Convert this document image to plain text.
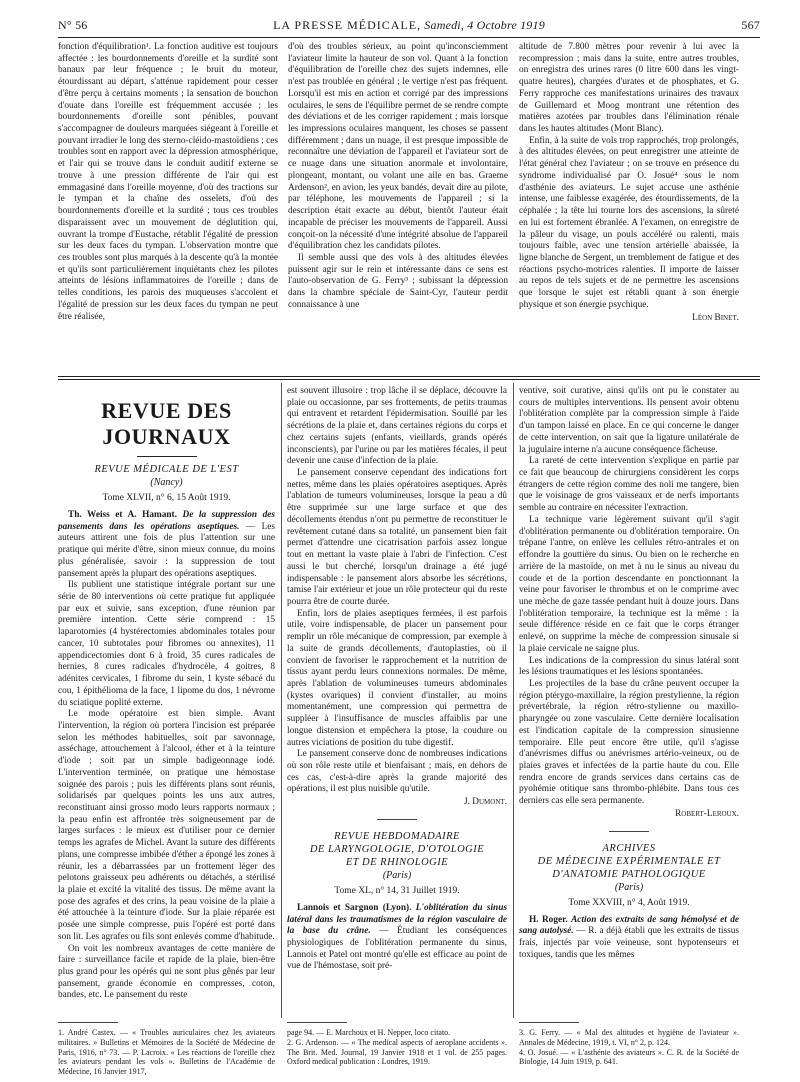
N° 56	LA PRESSE MÉDICALE, Samedi, 4 Octobre 1919	567

fonction d'équilibration¹. La fonction auditive est toujours affectée : les bourdonnements d'oreille et la surdité sont banaux par leur fréquence ; le bruit du moteur, étourdissant au départ, s'atténue rapidement pour cesser d'être perçu à certains moments ; la sensation de bouchon d'ouate dans l'oreille est fréquemment accusée ; les bourdonnements d'oreille sont pénibles, pouvant s'accompagner de douleurs marquées siégeant à l'oreille et pouvant irradier le long des sterno-cléido-mastoïdiens ; ces troubles sont en rapport avec la dépression atmosphérique, et l'air qui se trouve dans le conduit auditif externe se trouve à une pression différente de l'air qui est emmagasiné dans l'oreille moyenne, d'où des tractions sur le tympan et la chaîne des osselets, d'où des bourdonnements d'oreille et la surdité ; tous ces troubles disparaissent avec un mouvement de déglutition qui, ouvrant la trompe d'Eustache, rétablit l'égalité de pression sur les deux faces du tympan. L'observation montre que ces troubles sont plus marqués à la descente qu'à la montée et qu'ils sont particulièrement inquiétants chez les pilotes atteints de lésions inflammatoires de l'oreille ; dans de telles conditions, les parois des muqueuses s'accolent et l'égalité de pression sur les deux faces du tympan ne peut être réalisée,

d'où des troubles sérieux, au point qu'inconsciemment l'aviateur limite la hauteur de son vol. Quant à la fonction d'équilibration de l'oreille chez des sujets indemnes, elle n'est pas troublée en général ; le vertige n'est pas fréquent. Lorsqu'il est mis en action et corrigé par des impressions oculaires, le sens de l'équilibre permet de se rendre compte des déviations et de les corriger rapidement ; mais lorsque les impressions oculaires manquent, les choses se passent différemment ; dans un nuage, il est presque impossible de reconnaître une déviation de l'appareil et l'aviateur sort de ce nuage dans une situation anormale et involontaire, plongeant, montant, ou volant une aile en bas. Graeme Ardenson², en avion, les yeux bandés, devait dire au pilote, par téléphone, les mouvements de l'appareil ; si la description était exacte au début, bientôt l'auteur était incapable de préciser les mouvements de l'appareil. Aussi conçoit-on la nécessité d'une intégrité absolue de l'appareil d'équilibration chez les candidats pilotes.

Il semble aussi que des vols à des altitudes élevées puissent agir sur le rein et intéressante dans ce sens est l'auto-observation de G. Ferry³ ; subissant la dépression dans la chambre spéciale de Saint-Cyr, l'auteur perdit connaissance à une

altitude de 7.800 mètres pour revenir à lui avec la recompression ; mais dans la suite, entre autres troubles, on enregistra des urines rares (0 litre 600 dans les vingt-quatre heures), chargées d'urates et de phosphates, et G. Ferry rapproche ces manifestations urinaires des travaux de Guillemard et Moog montrant une rétention des matières azotées par troubles dans l'élimination rénale dans les hautes altitudes (Mont Blanc).

Enfin, à la suite de vols trop rapprochés, trop prolongés, à des altitudes élevées, on peut enregistrer une atteinte de l'état général chez l'aviateur ; on se trouve en présence du syndrome individualisé par O. Josué⁴ sous le nom d'asthénie des aviateurs. Le sujet accuse une asthénie intense, une faiblesse exagérée, des étourdissements, de la céphalée ; la tête lui tourne lors des ascensions, la sûreté en lui est fortement ébranlée. A l'examen, on enregistre de la pâleur du visage, un pouls accéléré ou ralenti, mais toujours faible, avec une tension artérielle abaissée, la ligne blanche de Sergent, un tremblement de fatigue et des réactions psycho-motrices ralenties. Il importe de laisser au repos de tels sujets et de ne permettre les ascensions que lorsque le sujet est rétabli quant à son énergie physique et son énergie psychique.

Léon Binet.
REVUE DES JOURNAUX
REVUE MÉDICALE DE L'EST
(Nancy)
Tome XLVII, n° 6, 15 Août 1919.

Th. Weiss et A. Hamant. De la suppression des pansements dans les opérations aseptiques. — Les auteurs attirent une fois de plus l'attention sur une pratique qui mérite d'être, sinon mieux connue, du moins plus généralisée, savoir : la suppression de tout pansement après la plupart des opérations aseptiques.

Ils publient une statistique intégrale portant sur une série de 80 interventions où cette pratique fut appliquée par eux et suivie, sans exception, d'une réunion par première intention. Cette série comprend : 15 laparotomies (4 hystérectomies abdominales totales pour cancer, 10 subtotales pour fibromes ou annexites), 11 appendicectomies dont 6 à froid, 35 cures radicales de hernies, 8 cures radicales d'hydrocèle, 4 goitres, 8 adénites cervicales, 1 fibrome du sein, 1 kyste sébacé du cou, 1 épithélioma de la face, 1 lipome du dos, 1 névrome du sciatique poplité externe.

Le mode opératoire est bien simple. Avant l'intervention, la région où portera l'incision est préparée selon les méthodes habituelles, soit par savonnage, asséchage, attouchement à l'alcool, éther et à la teinture d'iode ; soit par un simple badigeonnage iodé. L'intervention terminée, on pratique une hémostase soignée des parois ; puis les différents plans sont réunis, solidarisés par quelques points les uns aux autres, reconstituant ainsi grosso modo leurs rapports normaux ; la peau enfin est affrontée très soigneusement par de larges surfaces : le mieux est d'utiliser pour ce dernier temps les agrafes de Michel. Avant la suture des différents plans, une compresse imbibée d'éther a épongé les zones à réunir, les a débarrassées par un frottement léger des pelotons graisseux peu adhérents ou détachés, a stérilisé la plaie et excité la vitalité des tissus. De même avant la pose des agrafes et des crins, la peau voisine de la plaie a été attouchée à la teinture d'iode. Sur la plaie réparée est posée une simple compresse, puis l'opéré est porté dans son lit. Les agrafes ou fils sont enlevés comme d'habitude.

On voit les nombreux avantages de cette manière de faire : surveillance facile et rapide de la plaie, bien-être plus grand pour les opérés qui ne sont plus gênés par leur pansement, grande économie en compresses, coton, bandes, etc. Le pansement du reste

est souvent illusoire : trop lâche il se déplace, découvre la plaie ou occasionne, par ses frottements, de petits traumas qui entravent et retardent l'épidermisation. Souillé par les sécrétions de la plaie et, dans certaines régions du corps et chez certains sujets (enfants, vieillards, grands opérés inconscients), par l'urine ou par les matières fécales, il peut devenir une cause d'infection de la plaie.

Le pansement conserve cependant des indications fort nettes, même dans les plaies opératoires aseptiques. Après l'ablation de tumeurs volumineuses, lorsque la peau a dû être supprimée sur une large surface et que des décollements étendus n'ont pu permettre de reconstituer le revêtement cutané dans sa totalité, un pansement bien fait permet d'attendre une cicatrisation parfois assez longue tout en mettant la vaste plaie à l'abri de l'infection. C'est aussi le but cherché, lorsqu'un drainage a été jugé indispensable : le pansement alors absorbe les sécrétions, tamise l'air extérieur et joue un rôle protecteur qui du reste pourra être de courte durée.

Enfin, lors de plaies aseptiques fermées, il est parfois utile, voire indispensable, de placer un pansement pour remplir un rôle mécanique de compression, par exemple à la suite de grands décollements, d'autoplasties, où il convient de favoriser le rapprochement et la nutrition de tissus ayant perdu leurs connexions normales. De même, après l'ablation de volumineuses tumeurs abdominales (kystes ovariques) il convient d'installer, au moins momentanément, une compression qui permettra de suppléer à l'insuffisance de muscles affaiblis par une longue distension et empêchera la ptose, la coudure ou autres viciations de position du tube digestif.

Le pansement conserve donc de nombreuses indications où son rôle reste utile et bienfaisant ; mais, en dehors de ces cas, c'est-à-dire après la grande majorité des opérations, il est plus nuisible qu'utile.

J. Dumont.
REVUE HEBDOMADAIRE
DE LARYNGOLOGIE, D'OTOLOGIE
ET DE RHINOLOGIE
(Paris)
Tome XL, n° 14, 31 Juillet 1919.

Lannois et Sargnon (Lyon). L'oblitération du sinus latéral dans les traumatismes de la région vasculaire de la base du crâne. — Étudiant les conséquences physiologiques de l'oblitération permanente du sinus, Lannois et Patel ont montré qu'elle est efficace au point de vue de l'hémostase, soit pré-

ventive, soit curative, ainsi qu'ils ont pu le constater au cours de multiples interventions. Ils pensent avoir obtenu l'oblitération complète par la compression simple à l'aide d'un tampon laissé en place. En ce qui concerne le danger de cette intervention, on sait que la ligature unilatérale de la jugulaire interne n'a aucune conséquence fâcheuse.

La rareté de cette intervention s'explique en partie par ce fait que beaucoup de chirurgiens considèrent les corps étrangers de cette région comme des noli me tangere, bien que le voisinage de gros vaisseaux et de nerfs importants semble au contraire en nécessiter l'extraction.

La technique varie légèrement suivant qu'il s'agit d'oblitération permanente ou d'oblitération temporaire. On trépane l'antre, on enlève les cellules rétro-antrales et on effondre la gouttière du sinus. Ou bien on le recherche en arrière de la mastoïde, on met à nu le sinus au niveau du coude et de la portion descendante en ponctionnant la veine pour favoriser le thrombus et on le comprime avec une mèche de gaze tassée pendant huit à douze jours. Dans l'oblitération temporaire, la technique est la même : la seule différence réside en ce fait que le corps étranger enlevé, on supprime la mèche de compression sinusale si la plaie cervicale ne saigne plus.

Les indications de la compression du sinus latéral sont les lésions traumatiques et les lésions spontanées.

Les projectiles de la base du crâne peuvent occuper la région ptérygo-maxillaire, la région prestylienne, la région prévertébrale, la région rétro-stylienne ou maxillo-pharyngée ou zone vasculaire. Cette dernière localisation est l'indication capitale de la compression sinusienne temporaire. Elle peut encore être utile, qu'il s'agisse d'anévrismes diffus ou anévrismes artério-veineux, ou de plaies graves et infectées de la partie haute du cou. Elle rendra encore de grands services dans certains cas de pyohémie otitique sans thrombo-phlébite. Dans tous ces derniers cas elle sera permanente.

Robert-Leroux.
ARCHIVES
DE MÉDECINE EXPÉRIMENTALE ET
D'ANATOMIE PATHOLOGIQUE
(Paris)
Tome XXVIII, n° 4, Août 1919.

H. Roger. Action des extraits de sang hémolysé et de sang autolysé. — R. a déjà établi que les extraits de tissus frais, injectés par voie veineuse, sont hypotenseurs et toxiques, tandis que les mêmes

1. André Castex. — « Troubles auriculaires chez les aviateurs militaires. » Bulletins et Mémoires de la Société de Médecine de Paris, 1916, n° 73. — P. Lacroix. « Les réactions de l'oreille chez les aviateurs pendant les vols ». Bulletins de l'Académie de Médecine, 16 Janvier 1917,
page 94. — E. Marchoux et H. Nepper, loco citato.
2. G. Ardenson. — « The medical aspects of aeroplane accidents ». The Brit. Med. Journal, 19 Janvier 1918 et 1 vol. de 255 pages. Oxford medical publication : Londres, 1919.
3. G. Ferry. — « Mal des altitudes et hygiène de l'aviateur ». Annales de Médecine, 1919, t. VI, n° 2, p. 124.
4. O. Josué. — « L'asthénie des aviateurs ». C. R. de la Société de Biologie, 14 Juin 1919, p. 641.
